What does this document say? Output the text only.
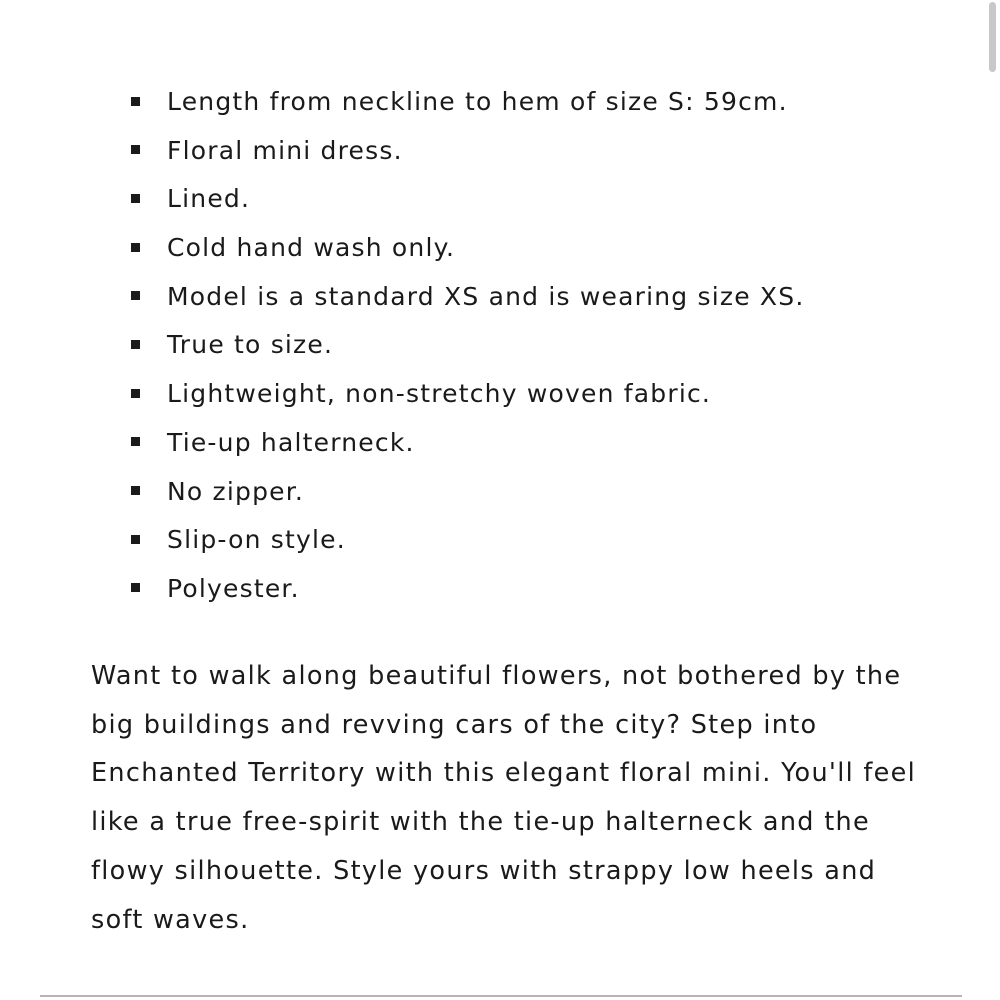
Length from neckline to hem of size S: 59cm.
Floral mini dress.
Lined.
Cold hand wash only.
Model is a standard XS and is wearing size XS.
True to size.
Lightweight, non-stretchy woven fabric.
Tie-up halterneck.
No zipper.
Slip-on style.
Polyester.

Want to walk along beautiful flowers, not bothered by the big buildings and revving cars of the city? Step into Enchanted Territory with this elegant floral mini. You'll feel like a true free-spirit with the tie-up halterneck and the flowy silhouette. Style yours with strappy low heels and soft waves.
